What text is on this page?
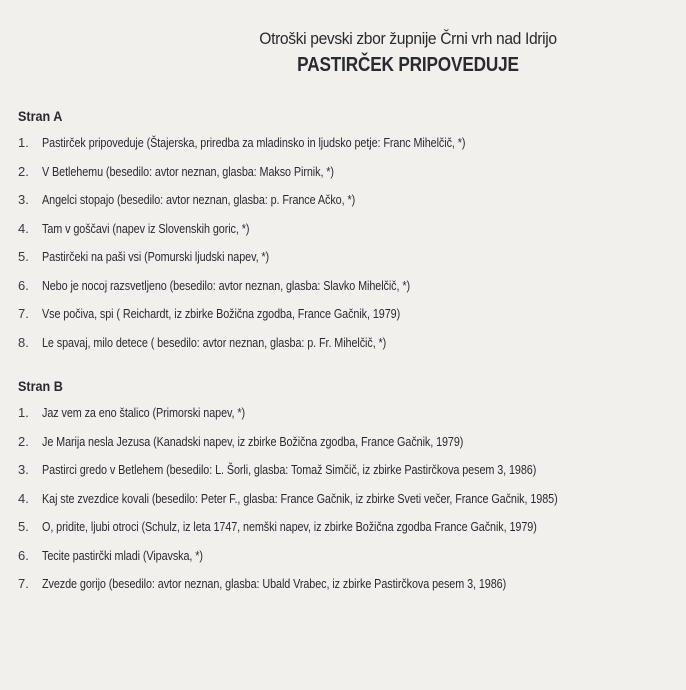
Otroški pevski zbor župnije Črni vrh nad Idrijo
PASTIRČEK PRIPOVEDUJE
Stran A
1. Pastirček pripoveduje (Štajerska, priredba za mladinsko in ljudsko petje: Franc Mihelčič, *)
2. V Betlehemu (besedilo: avtor neznan, glasba: Makso Pirnik, *)
3. Angelci stopajo (besedilo: avtor neznan, glasba: p. France Ačko, *)
4. Tam v goščavi (napev iz Slovenskih goric, *)
5. Pastirčeki na paši vsi (Pomurski ljudski napev, *)
6. Nebo je nocoj razsvetljeno (besedilo: avtor neznan, glasba: Slavko Mihelčič, *)
7. Vse počiva, spi ( Reichardt, iz zbirke Božična zgodba, France Gačnik, 1979)
8. Le spavaj, milo detece ( besedilo: avtor neznan, glasba: p. Fr. Mihelčič, *)
Stran B
1. Jaz vem za eno štalico (Primorski napev, *)
2. Je Marija nesla Jezusa (Kanadski napev, iz zbirke Božična zgodba, France Gačnik, 1979)
3. Pastirci gredo v Betlehem (besedilo: L. Šorli, glasba: Tomaž Simčič, iz zbirke Pastirčkova pesem 3, 1986)
4. Kaj ste zvezdice kovali (besedilo: Peter F., glasba: France Gačnik, iz zbirke Sveti večer, France Gačnik, 1985)
5. O, pridite, ljubi otroci (Schulz, iz leta 1747, nemški napev, iz zbirke Božična zgodba France Gačnik, 1979)
6. Tecite pastirčki mladi (Vipavska, *)
7. Zvezde gorijo (besedilo: avtor neznan, glasba: Ubald Vrabec, iz zbirke Pastirčkova pesem 3, 1986)
